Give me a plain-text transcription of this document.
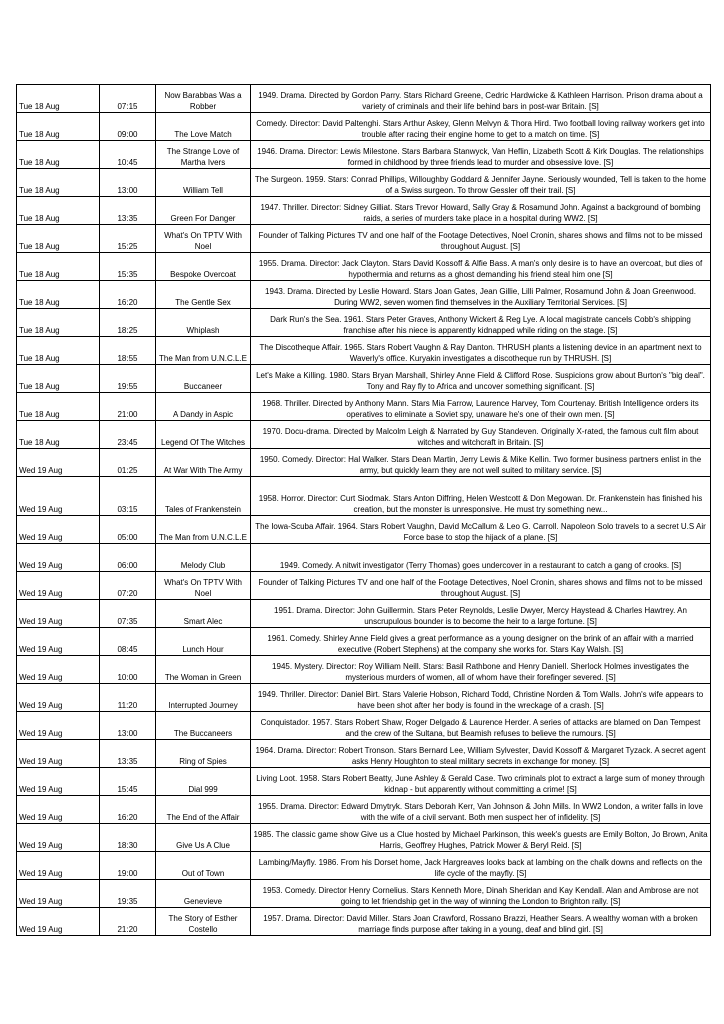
Tue 18 Aug	07:15	Now Barabbas Was a Robber	1949. Drama. Directed by Gordon Parry. Stars Richard Greene, Cedric Hardwicke & Kathleen Harrison. Prison drama about a variety of criminals and their life behind bars in post-war Britain. [S]
Tue 18 Aug	09:00	The Love Match	Comedy. Director: David Paltenghi. Stars Arthur Askey, Glenn Melvyn & Thora Hird. Two football loving railway workers get into trouble after racing their engine home to get to a match on time. [S]
Tue 18 Aug	10:45	The Strange Love of Martha Ivers	1946. Drama. Director: Lewis Milestone. Stars Barbara Stanwyck, Van Heflin, Lizabeth Scott & Kirk Douglas. The relationships formed in childhood by three friends lead to murder and obsessive love. [S]
Tue 18 Aug	13:00	William Tell	The Surgeon. 1959. Stars: Conrad Phillips, Willoughby Goddard & Jennifer Jayne. Seriously wounded, Tell is taken to the home of a Swiss surgeon. To throw Gessler off their trail. [S]
Tue 18 Aug	13:35	Green For Danger	1947. Thriller. Director: Sidney Gilliat. Stars Trevor Howard, Sally Gray & Rosamund John. Against a background of bombing raids, a series of murders take place in a hospital during WW2. [S]
Tue 18 Aug	15:25	What's On TPTV With Noel	Founder of Talking Pictures TV and one half of the Footage Detectives, Noel Cronin, shares shows and films not to be missed throughout August. [S]
Tue 18 Aug	15:35	Bespoke Overcoat	1955. Drama. Director: Jack Clayton. Stars David Kossoff & Alfie Bass. A man's only desire is to have an overcoat, but dies of hypothermia and returns as a ghost demanding his friend steal him one [S]
Tue 18 Aug	16:20	The Gentle Sex	1943. Drama. Directed by Leslie Howard. Stars Joan Gates, Jean Gillie, Lilli Palmer, Rosamund John & Joan Greenwood. During WW2, seven women find themselves in the Auxiliary Territorial Services. [S]
Tue 18 Aug	18:25	Whiplash	Dark Run's the Sea. 1961. Stars Peter Graves, Anthony Wickert & Reg Lye. A local magistrate cancels Cobb's shipping franchise after his niece is apparently kidnapped while riding on the stage. [S]
Tue 18 Aug	18:55	The Man from U.N.C.L.E	The Discotheque Affair. 1965. Stars Robert Vaughn & Ray Danton. THRUSH plants a listening device in an apartment next to Waverly's office. Kuryakin investigates a discotheque run by THRUSH. [S]
Tue 18 Aug	19:55	Buccaneer	Let's Make a Killing. 1980. Stars Bryan Marshall, Shirley Anne Field & Clifford Rose. Suspicions grow about Burton's "big deal". Tony and Ray fly to Africa and uncover something significant. [S]
Tue 18 Aug	21:00	A Dandy in Aspic	1968. Thriller. Directed by Anthony Mann. Stars Mia Farrow, Laurence Harvey, Tom Courtenay. British Intelligence orders its operatives to eliminate a Soviet spy, unaware he's one of their own men. [S]
Tue 18 Aug	23:45	Legend Of The Witches	1970. Docu-drama. Directed by Malcolm Leigh & Narrated by Guy Standeven. Originally X-rated, the famous cult film about witches and witchcraft in Britain. [S]
Wed 19 Aug	01:25	At War With The Army	1950. Comedy. Director: Hal Walker. Stars Dean Martin, Jerry Lewis & Mike Kellin. Two former business partners enlist in the army, but quickly learn they are not well suited to military service. [S]
Wed 19 Aug	03:15	Tales of Frankenstein	1958. Horror. Director: Curt Siodmak. Stars Anton Diffring, Helen Westcott & Don Megowan. Dr. Frankenstein has finished his creation, but the monster is unresponsive. He must try something new...
Wed 19 Aug	05:00	The Man from U.N.C.L.E	The Iowa-Scuba Affair. 1964. Stars Robert Vaughn, David McCallum & Leo G. Carroll. Napoleon Solo travels to a secret U.S Air Force base to stop the hijack of a plane. [S]
Wed 19 Aug	06:00	Melody Club	1949. Comedy. A nitwit investigator (Terry Thomas) goes undercover in a restaurant to catch a gang of crooks. [S]
Wed 19 Aug	07:20	What's On TPTV With Noel	Founder of Talking Pictures TV and one half of the Footage Detectives, Noel Cronin, shares shows and films not to be missed throughout August. [S]
Wed 19 Aug	07:35	Smart Alec	1951. Drama. Director: John Guillermin. Stars Peter Reynolds, Leslie Dwyer, Mercy Haystead & Charles Hawtrey. An unscrupulous bounder is to become the heir to a large fortune. [S]
Wed 19 Aug	08:45	Lunch Hour	1961. Comedy. Shirley Anne Field gives a great performance as a young designer on the brink of an affair with a married executive (Robert Stephens) at the company she works for. Stars Kay Walsh. [S]
Wed 19 Aug	10:00	The Woman in Green	1945. Mystery. Director: Roy William Neill. Stars: Basil Rathbone and Henry Daniell. Sherlock Holmes investigates the mysterious murders of women, all of whom have their forefinger severed. [S]
Wed 19 Aug	11:20	Interrupted Journey	1949. Thriller. Director: Daniel Birt. Stars Valerie Hobson, Richard Todd, Christine Norden & Tom Walls. John's wife appears to have been shot after her body is found in the wreckage of a crash. [S]
Wed 19 Aug	13:00	The Buccaneers	Conquistador. 1957. Stars Robert Shaw, Roger Delgado & Laurence Herder. A series of attacks are blamed on Dan Tempest and the crew of the Sultana, but Beamish refuses to believe the rumours. [S]
Wed 19 Aug	13:35	Ring of Spies	1964. Drama. Director: Robert Tronson. Stars Bernard Lee, William Sylvester, David Kossoff & Margaret Tyzack. A secret agent asks Henry Houghton to steal military secrets in exchange for money. [S]
Wed 19 Aug	15:45	Dial 999	Living Loot. 1958. Stars Robert Beatty, June Ashley & Gerald Case. Two criminals plot to extract a large sum of money through kidnap - but apparently without committing a crime! [S]
Wed 19 Aug	16:20	The End of the Affair	1955. Drama. Director: Edward Dmytryk. Stars Deborah Kerr, Van Johnson & John Mills. In WW2 London, a writer falls in love with the wife of a civil servant. Both men suspect her of infidelity. [S]
Wed 19 Aug	18:30	Give Us A Clue	1985. The classic game show Give us a Clue hosted by Michael Parkinson, this week's guests are Emily Bolton, Jo Brown, Anita Harris, Geoffrey Hughes, Patrick Mower & Beryl Reid. [S]
Wed 19 Aug	19:00	Out of Town	Lambing/Mayfly. 1986. From his Dorset home, Jack Hargreaves looks back at lambing on the chalk downs and reflects on the life cycle of the mayfly. [S]
Wed 19 Aug	19:35	Genevieve	1953. Comedy. Director Henry Cornelius. Stars Kenneth More, Dinah Sheridan and Kay Kendall. Alan and Ambrose are not going to let friendship get in the way of winning the London to Brighton rally. [S]
Wed 19 Aug	21:20	The Story of Esther Costello	1957. Drama. Director: David Miller. Stars Joan Crawford, Rossano Brazzi, Heather Sears. A wealthy woman with a broken marriage finds purpose after taking in a young, deaf and blind girl. [S]
